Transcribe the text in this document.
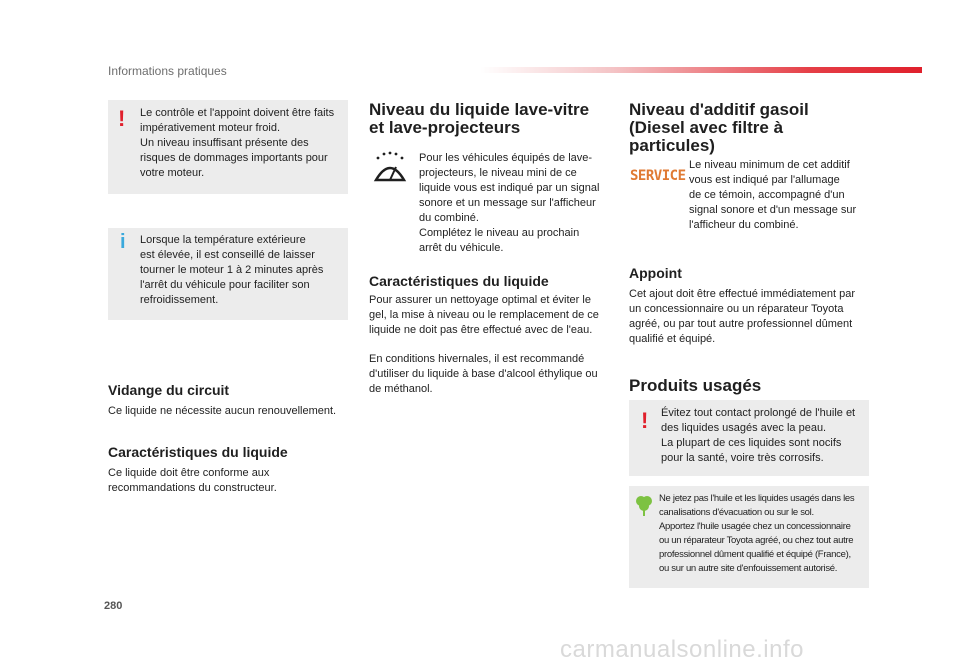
Informations pratiques
! Le contrôle et l'appoint doivent être faits

impérativement moteur froid.

Un niveau insuffisant présente des

risques de dommages importants pour

votre moteur.

i Lorsque la température extérieure

est élevée, il est conseillé de laisser

tourner le moteur 1 à 2 minutes après

l'arrêt du véhicule pour faciliter son

refroidissement.

Vidange du circuit
Ce liquide ne nécessite aucun renouvellement.
Caractéristiques du liquide
Ce liquide doit être conforme aux
recommandations du constructeur.
Niveau du liquide lave-vitre
et lave-projecteurs
Pour les véhicules équipés de lave-
projecteurs, le niveau mini de ce
liquide vous est indiqué par un signal
sonore et un message sur l'afficheur
du combiné.
Complétez le niveau au prochain
arrêt du véhicule.
Caractéristiques du liquide
Pour assurer un nettoyage optimal et éviter le
gel, la mise à niveau ou le remplacement de ce
liquide ne doit pas être effectué avec de l'eau.
En conditions hivernales, il est recommandé
d'utiliser du liquide à base d'alcool éthylique ou
de méthanol.
Niveau d'additif gasoil
(Diesel avec filtre à
particules)
SERVICE
Le niveau minimum de cet additif
vous est indiqué par l'allumage
de ce témoin, accompagné d'un
signal sonore et d'un message sur
l'afficheur du combiné.
Appoint
Cet ajout doit être effectué immédiatement par
un concessionnaire ou un réparateur Toyota
agréé, ou par tout autre professionnel dûment
qualifié et équipé.
Produits usagés
! Évitez tout contact prolongé de l'huile et

des liquides usagés avec la peau.

La plupart de ces liquides sont nocifs

pour la santé, voire très corrosifs.

Ne jetez pas l'huile et les liquides usagés dans les
canalisations d'évacuation ou sur le sol.
Apportez l'huile usagée chez un concessionnaire
ou un réparateur Toyota agréé, ou chez tout autre
professionnel dûment qualifié et équipé (France),
ou sur un autre site d'enfouissement autorisé.
280
carmanualsonline.info
